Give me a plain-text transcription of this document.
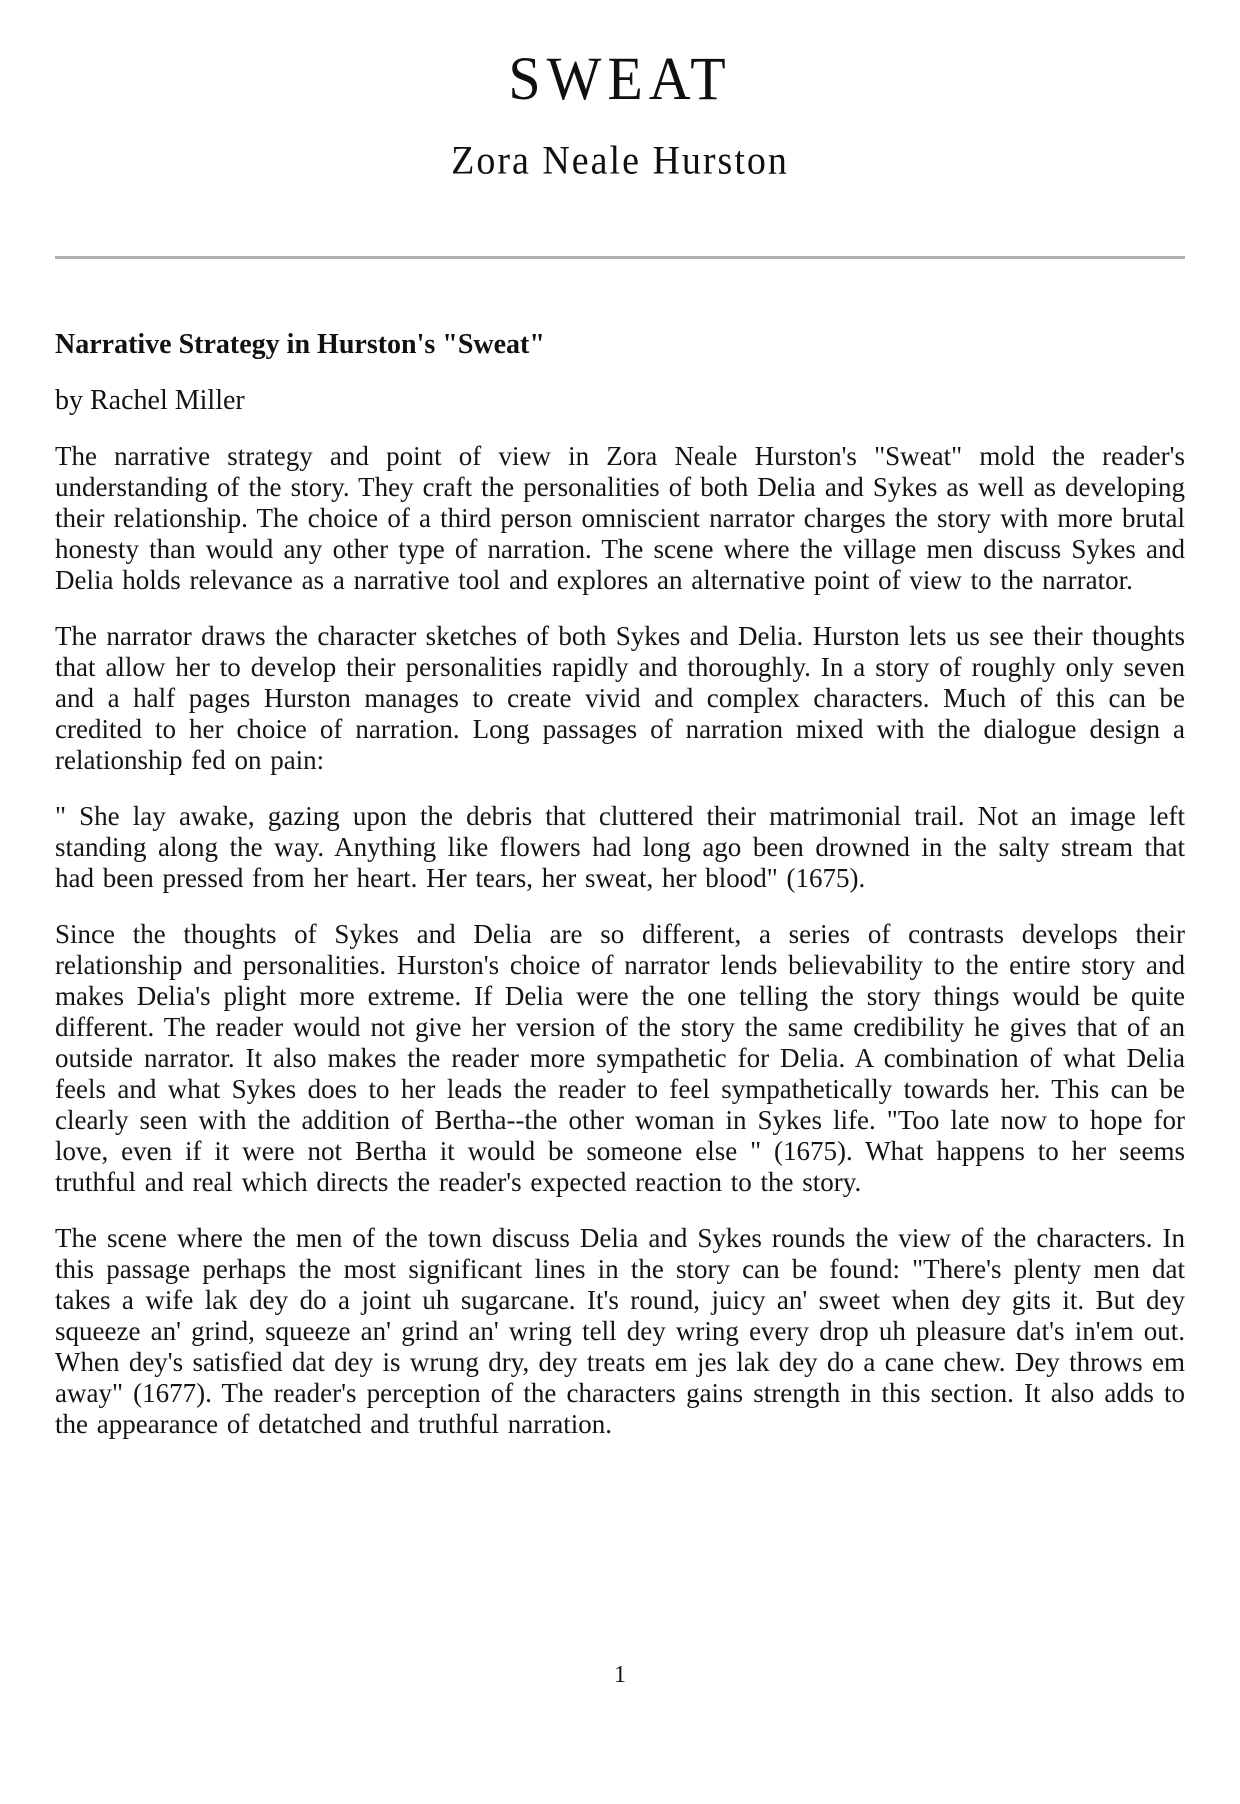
SWEAT
Zora Neale Hurston
Narrative Strategy in Hurston's "Sweat"
by Rachel Miller

The narrative strategy and point of view in Zora Neale Hurston's "Sweat" mold the reader's understanding of the story. They craft the personalities of both Delia and Sykes as well as developing their relationship. The choice of a third person omniscient narrator charges the story with more brutal honesty than would any other type of narration. The scene where the village men discuss Sykes and Delia holds relevance as a narrative tool and explores an alternative point of view to the narrator.

The narrator draws the character sketches of both Sykes and Delia. Hurston lets us see their thoughts that allow her to develop their personalities rapidly and thoroughly. In a story of roughly only seven and a half pages Hurston manages to create vivid and complex characters. Much of this can be credited to her choice of narration. Long passages of narration mixed with the dialogue design a relationship fed on pain:

" She lay awake, gazing upon the debris that cluttered their matrimonial trail. Not an image left standing along the way. Anything like flowers had long ago been drowned in the salty stream that had been pressed from her heart. Her tears, her sweat, her blood" (1675).

Since the thoughts of Sykes and Delia are so different, a series of contrasts develops their relationship and personalities. Hurston's choice of narrator lends believability to the entire story and makes Delia's plight more extreme. If Delia were the one telling the story things would be quite different. The reader would not give her version of the story the same credibility he gives that of an outside narrator. It also makes the reader more sympathetic for Delia. A combination of what Delia feels and what Sykes does to her leads the reader to feel sympathetically towards her. This can be clearly seen with the addition of Bertha--the other woman in Sykes life. "Too late now to hope for love, even if it were not Bertha it would be someone else " (1675). What happens to her seems truthful and real which directs the reader's expected reaction to the story.

The scene where the men of the town discuss Delia and Sykes rounds the view of the characters. In this passage perhaps the most significant lines in the story can be found: "There's plenty men dat takes a wife lak dey do a joint uh sugarcane. It's round, juicy an' sweet when dey gits it. But dey squeeze an' grind, squeeze an' grind an' wring tell dey wring every drop uh pleasure dat's in'em out. When dey's satisfied dat dey is wrung dry, dey treats em jes lak dey do a cane chew. Dey throws em away" (1677). The reader's perception of the characters gains strength in this section. It also adds to the appearance of detatched and truthful narration.

1
